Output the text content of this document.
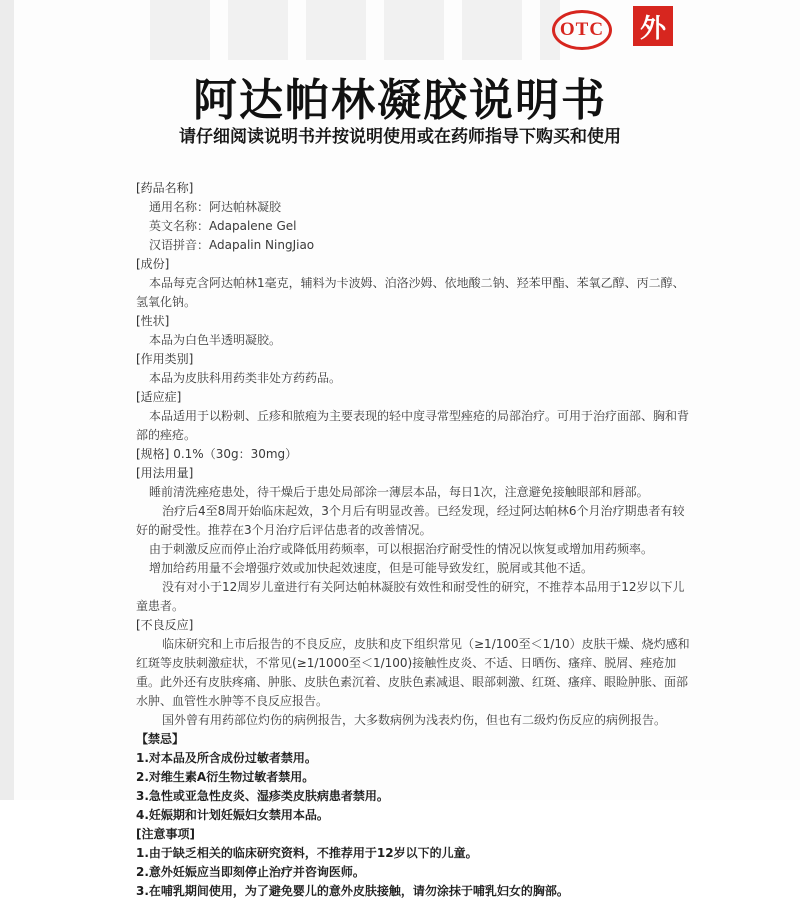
OTC	外
阿达帕林凝胶说明书
请仔细阅读说明书并按说明使用或在药师指导下购买和使用
[药品名称]
通用名称： 阿达帕林凝胶
英文名称： Adapalene Gel
汉语拼音： Adapalin NingJiao
[成份]
本品每克含阿达帕林1毫克，辅料为卡波姆、泊洛沙姆、依地酸二钠、羟苯甲酯、苯氧乙醇、丙二醇、氢氧化钠。
[性状]
本品为白色半透明凝胶。
[作用类别]
本品为皮肤科用药类非处方药药品。
[适应症]
本品适用于以粉刺、丘疹和脓疱为主要表现的轻中度寻常型痤疮的局部治疗。可用于治疗面部、胸和背部的痤疮。
[规格] 0.1%（30g：30mg）
[用法用量]
睡前清洗痤疮患处，待干燥后于患处局部涂一薄层本品，每日1次，注意避免接触眼部和唇部。
治疗后4至8周开始临床起效，3个月后有明显改善。已经发现，经过阿达帕林6个月治疗期患者有较好的耐受性。推荐在3个月治疗后评估患者的改善情况。
由于刺激反应而停止治疗或降低用药频率，可以根据治疗耐受性的情况以恢复或增加用药频率。
增加给药用量不会增强疗效或加快起效速度，但是可能导致发红，脱屑或其他不适。
没有对小于12周岁儿童进行有关阿达帕林凝胶有效性和耐受性的研究，不推荐本品用于12岁以下儿童患者。
[不良反应]
临床研究和上市后报告的不良反应，皮肤和皮下组织常见（≥1/100至＜1/10）皮肤干燥、烧灼感和红斑等皮肤刺激症状，不常见(≥1/1000至＜1/100)接触性皮炎、不适、日晒伤、瘙痒、脱屑、痤疮加重。此外还有皮肤疼痛、肿胀、皮肤色素沉着、皮肤色素减退、眼部刺激、红斑、瘙痒、眼睑肿胀、面部水肿、血管性水肿等不良反应报告。
国外曾有用药部位灼伤的病例报告，大多数病例为浅表灼伤，但也有二级灼伤反应的病例报告。
【禁忌】
1.对本品及所含成份过敏者禁用。
2.对维生素A衍生物过敏者禁用。
3.急性或亚急性皮炎、湿疹类皮肤病患者禁用。
4.妊娠期和计划妊娠妇女禁用本品。
[注意事项]
1.由于缺乏相关的临床研究资料，不推荐用于12岁以下的儿童。
2.意外妊娠应当即刻停止治疗并咨询医师。
3.在哺乳期间使用，为了避免婴儿的意外皮肤接触，请勿涂抹于哺乳妇女的胸部。
